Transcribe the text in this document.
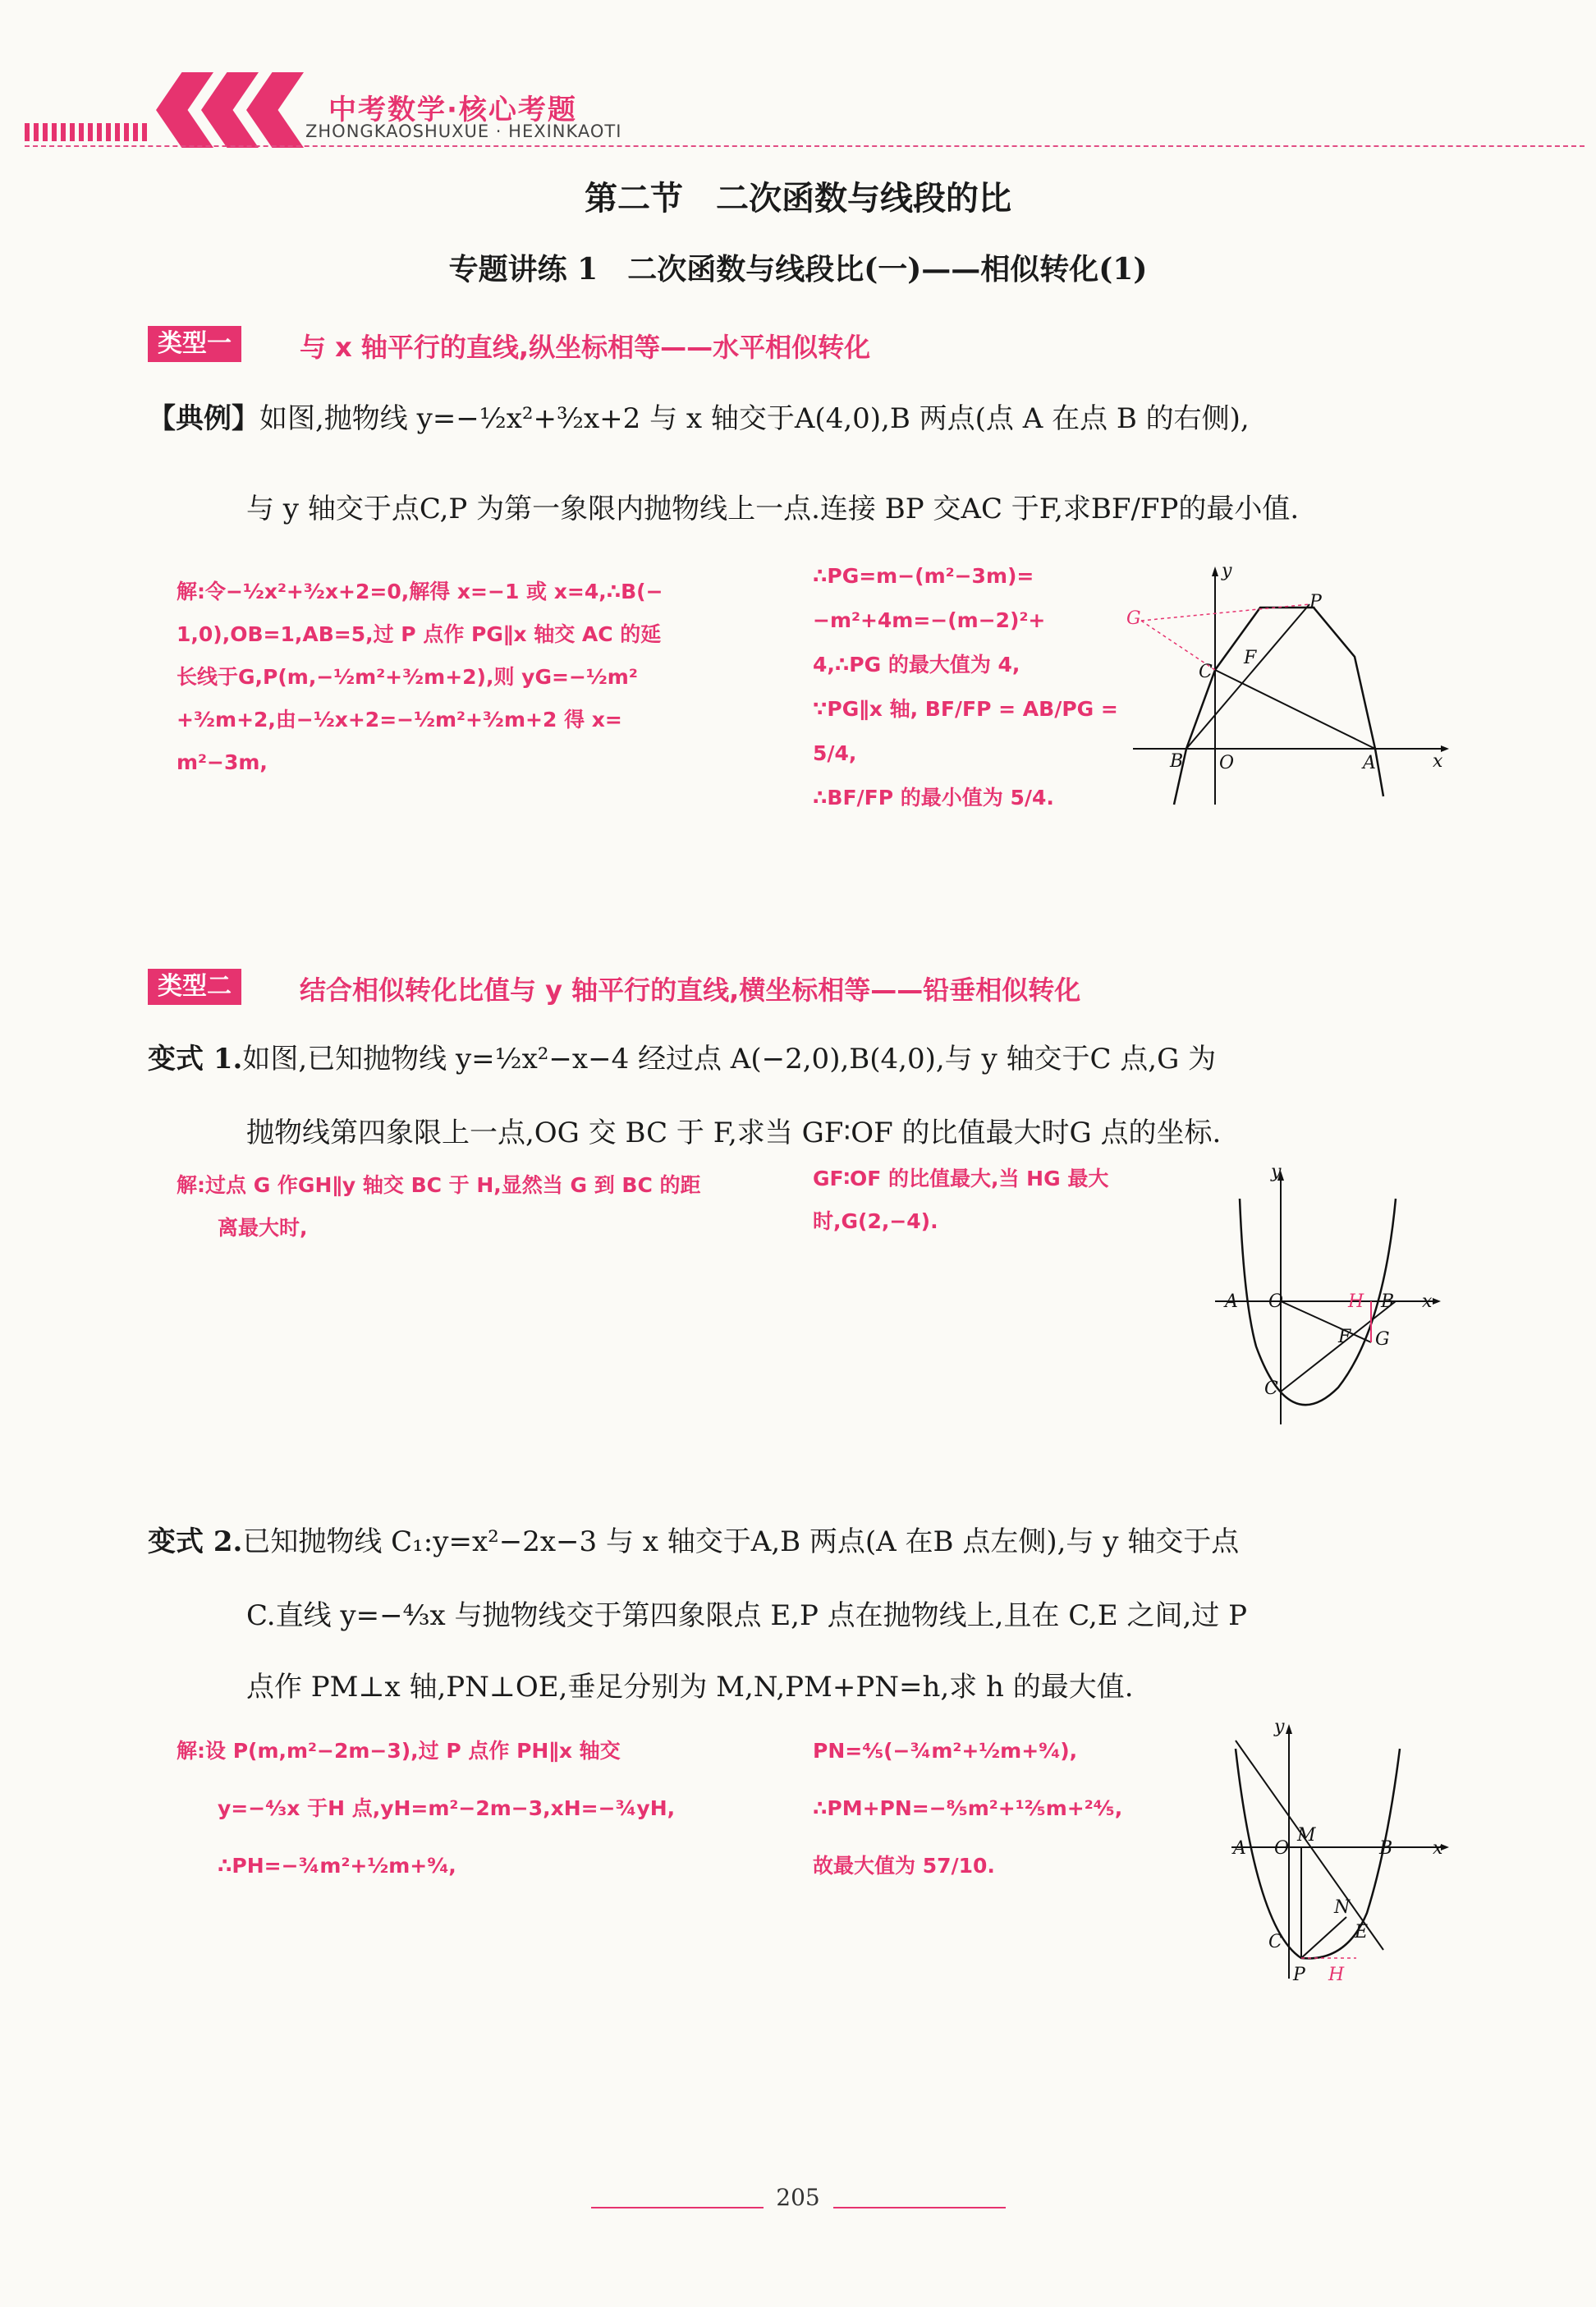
中考数学·核心考题
ZHONGKAOSHUXUE · HEXINKAOTI
第二节　二次函数与线段的比
专题讲练 1　二次函数与线段比(一)——相似转化(1)
类型一	与 x 轴平行的直线,纵坐标相等——水平相似转化
【典例】如图,抛物线 y=−½x²+³⁄₂x+2 与 x 轴交于A(4,0),B 两点(点 A 在点 B 的右侧),
与 y 轴交于点C,P 为第一象限内抛物线上一点.连接 BP 交AC 于F,求BF/FP的最小值.
解:令−½x²+³⁄₂x+2=0,解得 x=−1 或 x=4,∴B(−
1,0),OB=1,AB=5,过 P 点作 PG∥x 轴交 AC 的延
长线于G,P(m,−½m²+³⁄₂m+2),则 yG=−½m²
+³⁄₂m+2,由−½x+2=−½m²+³⁄₂m+2 得 x=
m²−3m,
∴PG=m−(m²−3m)=
−m²+4m=−(m−2)²+
4,∴PG 的最大值为 4,
∵PG∥x 轴, BF/FP = AB/PG =
5/4,
∴BF/FP 的最小值为 5/4.
G
P
F
C
B O	A	x
y
类型二	结合相似转化比值与 y 轴平行的直线,横坐标相等——铅垂相似转化
变式 1.如图,已知抛物线 y=½x²−x−4 经过点 A(−2,0),B(4,0),与 y 轴交于C 点,G 为
抛物线第四象限上一点,OG 交 BC 于 F,求当 GF∶OF 的比值最大时G 点的坐标.
解:过点 G 作GH∥y 轴交 BC 于 H,显然当 G 到 BC 的距
离最大时,
GF∶OF 的比值最大,当 HG 最大
时,G(2,−4).
A O	H B
F G
C
x
y
变式 2.已知抛物线 C₁:y=x²−2x−3 与 x 轴交于A,B 两点(A 在B 点左侧),与 y 轴交于点
C.直线 y=−⁴⁄₃x 与抛物线交于第四象限点 E,P 点在抛物线上,且在 C,E 之间,过 P
点作 PM⊥x 轴,PN⊥OE,垂足分别为 M,N,PM+PN=h,求 h 的最大值.
解:设 P(m,m²−2m−3),过 P 点作 PH∥x 轴交
y=−⁴⁄₃x 于H 点,yH=m²−2m−3,xH=−¾yH,
∴PH=−¾m²+½m+⁹⁄₄,
PN=⅘(−¾m²+½m+⁹⁄₄),
∴PM+PN=−⁸⁄₅m²+¹²⁄₅m+²⁴⁄₅,
故最大值为 57/10.
A O
M
B
N
E
C
P H
x
y
205
